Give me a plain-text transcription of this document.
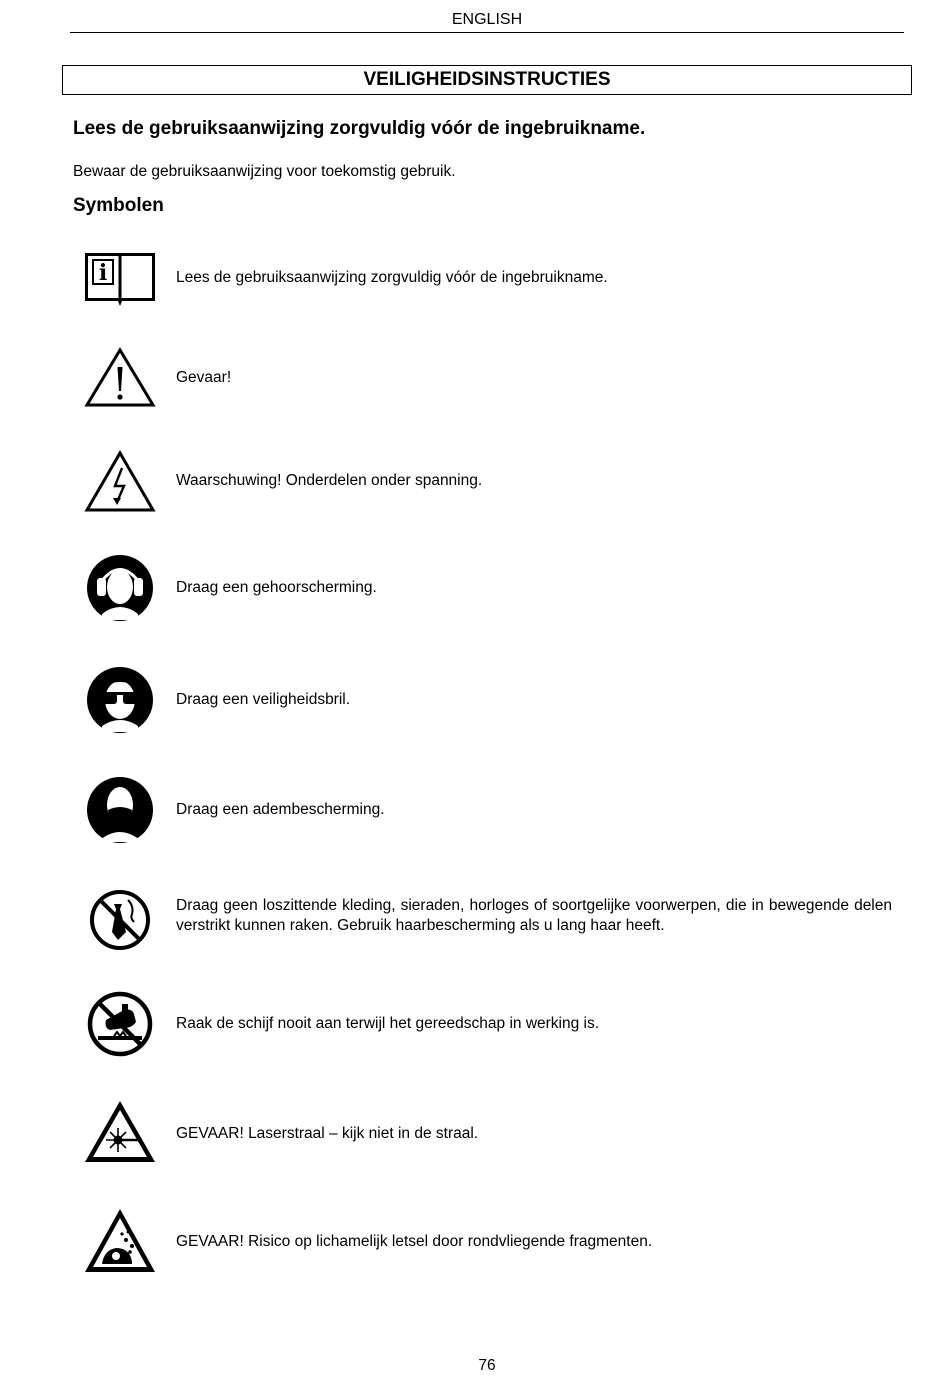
ENGLISH
VEILIGHEIDSINSTRUCTIES
Lees de gebruiksaanwijzing zorgvuldig vóór de ingebruikname.
Bewaar de gebruiksaanwijzing voor toekomstig gebruik.
Symbolen
i	Lees de gebruiksaanwijzing zorgvuldig vóór de ingebruikname.
Gevaar!
Waarschuwing! Onderdelen onder spanning.
Draag een gehoorscherming.
Draag een veiligheidsbril.
Draag een adembescherming.
Draag geen loszittende kleding, sieraden, horloges of soortgelijke voorwerpen, die in bewegende delen verstrikt kunnen raken. Gebruik haarbescherming als u lang haar heeft.
Raak de schijf nooit aan terwijl het gereedschap in werking is.
GEVAAR! Laserstraal – kijk niet in de straal.
GEVAAR! Risico op lichamelijk letsel door rondvliegende fragmenten.
76
